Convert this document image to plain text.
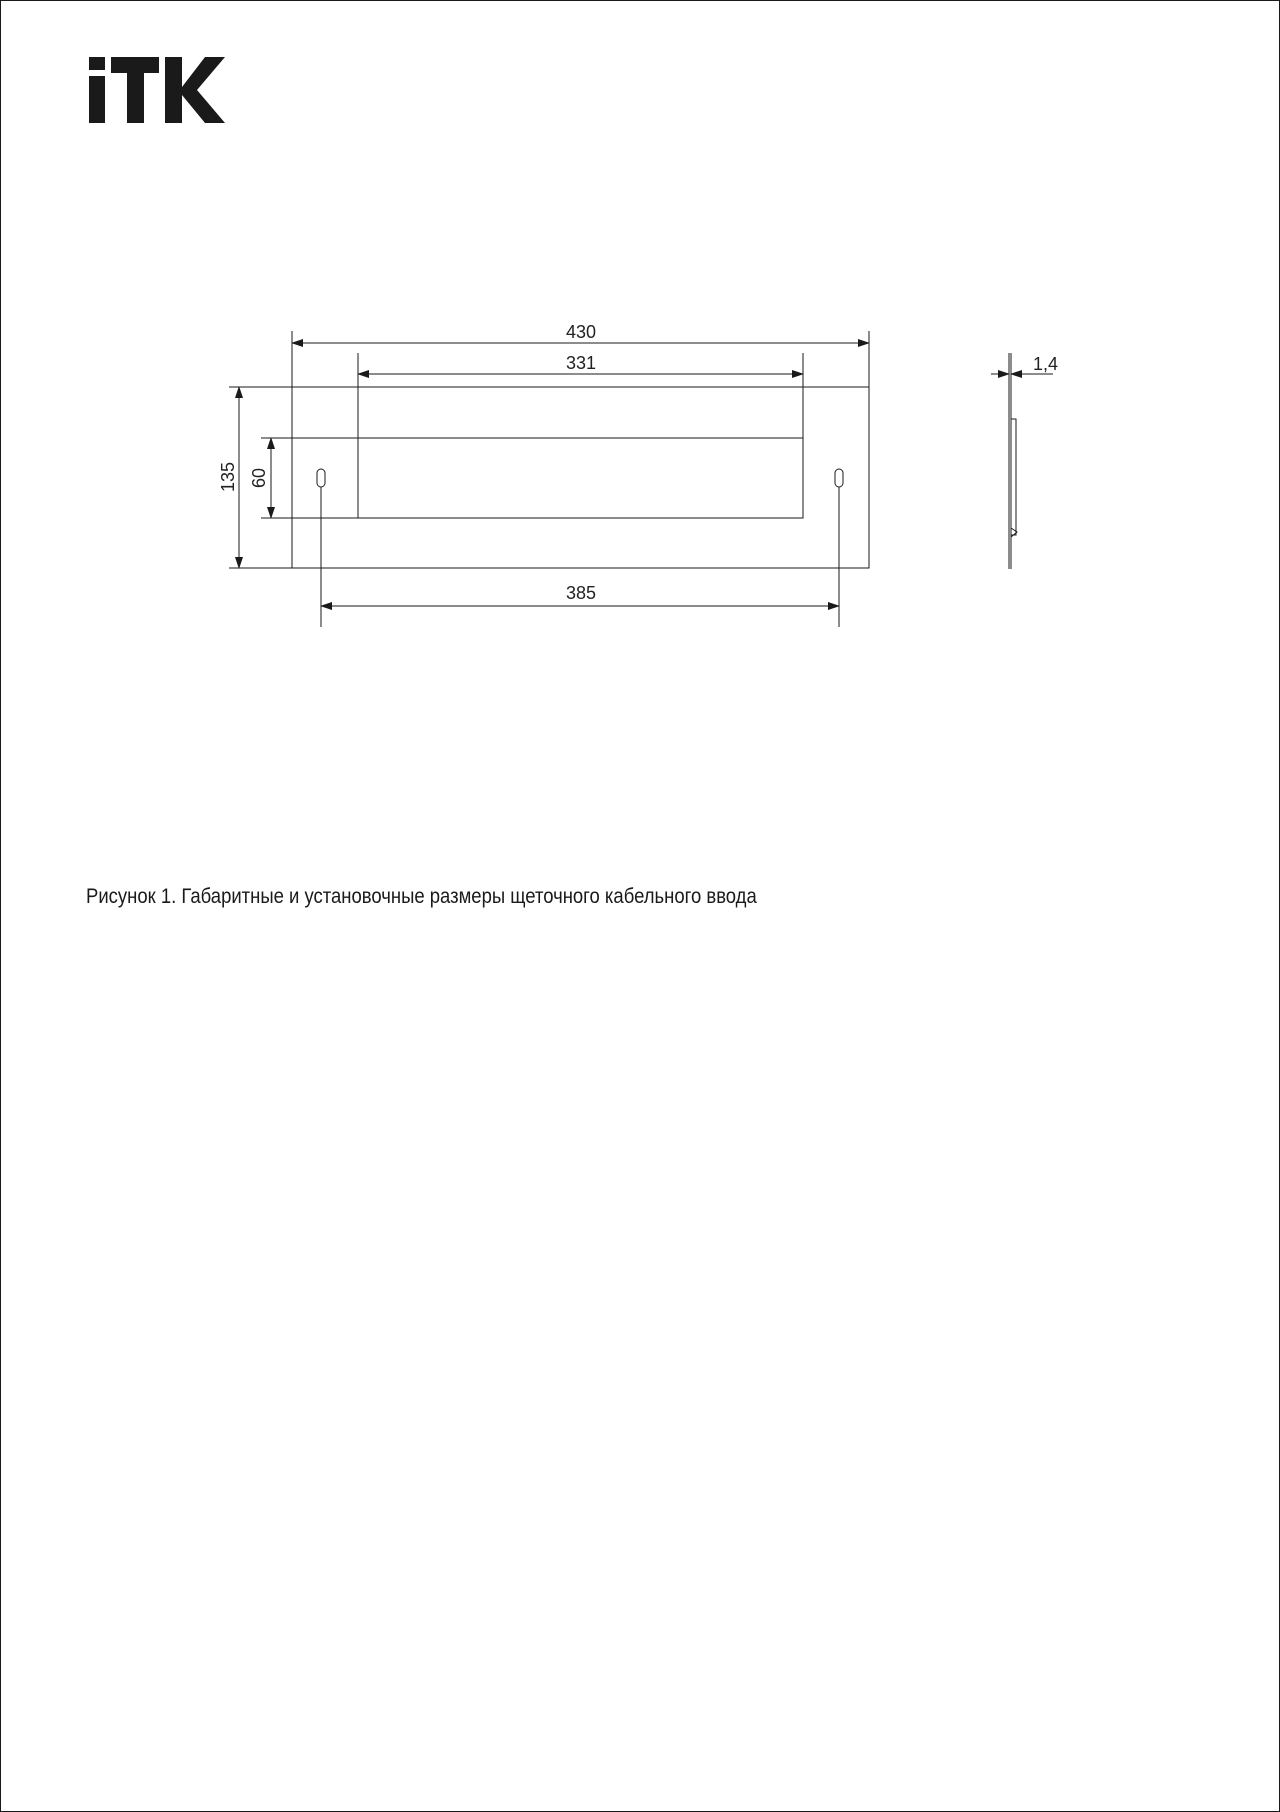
430
331
385
135 60
1,4
Рисунок 1. Габаритные и установочные размеры щеточного кабельного ввода
